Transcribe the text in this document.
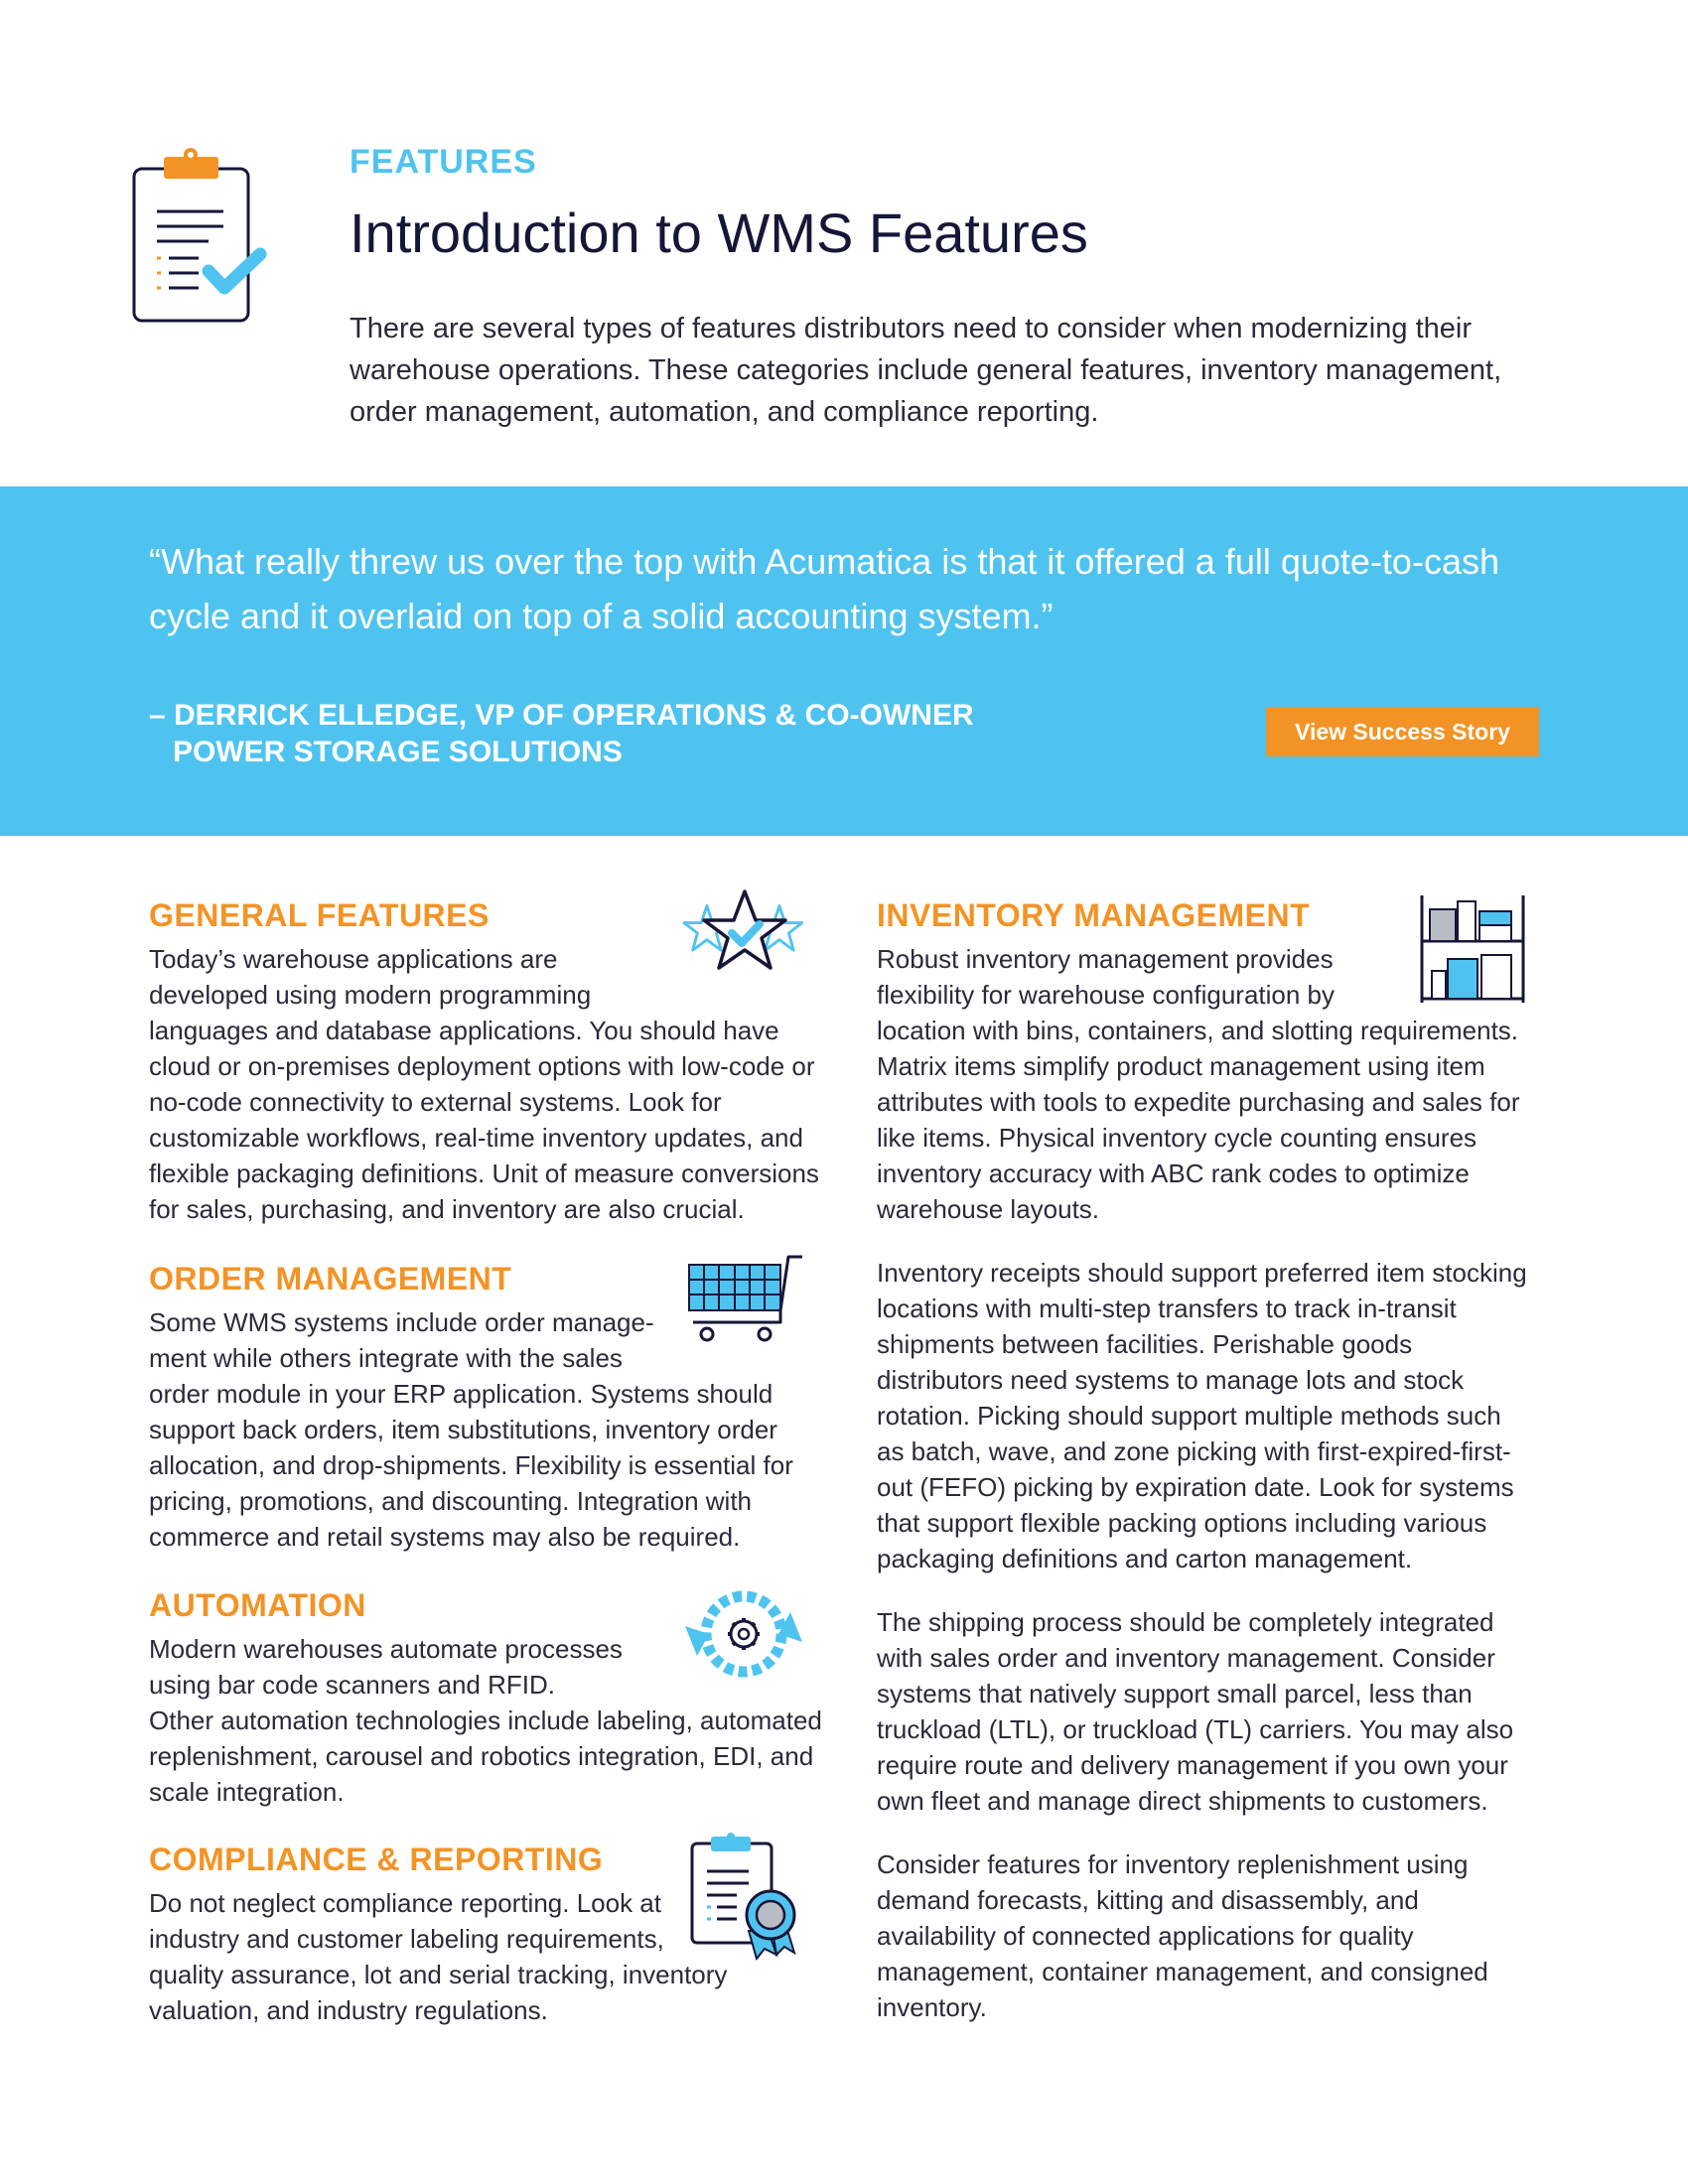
FEATURES
Introduction to WMS Features

There are several types of features distributors need to consider when modernizing their warehouse operations. These categories include general features, inventory management, order management, automation, and compliance reporting.

“What really threw us over the top with Acumatica is that it offered a full quote-to-cash cycle and it overlaid on top of a solid accounting system.”

– DERRICK ELLEDGE, VP OF OPERATIONS & CO-OWNER
POWER STORAGE SOLUTIONS
View Success Story
GENERAL FEATURES

Today’s warehouse applications are developed using modern programming languages and database applications. You should have cloud or on-premises deployment options with low-code or no-code connectivity to external systems. Look for customizable workflows, real-time inventory updates, and flexible packaging definitions. Unit of measure conversions for sales, purchasing, and inventory are also crucial.

ORDER MANAGEMENT

Some WMS systems include order manage-ment while others integrate with the sales order module in your ERP application. Systems should support back orders, item substitutions, inventory order allocation, and drop-shipments. Flexibility is essential for pricing, promotions, and discounting. Integration with commerce and retail systems may also be required.

AUTOMATION

Modern warehouses automate processes using bar code scanners and RFID. Other automation technologies include labeling, automated replenishment, carousel and robotics integration, EDI, and scale integration.

COMPLIANCE & REPORTING

Do not neglect compliance reporting. Look at industry and customer labeling requirements, quality assurance, lot and serial tracking, inventory valuation, and industry regulations.

INVENTORY MANAGEMENT

Robust inventory management provides flexibility for warehouse configuration by location with bins, containers, and slotting requirements. Matrix items simplify product management using item attributes with tools to expedite purchasing and sales for like items. Physical inventory cycle counting ensures inventory accuracy with ABC rank codes to optimize warehouse layouts.

Inventory receipts should support preferred item stocking locations with multi-step transfers to track in-transit shipments between facilities. Perishable goods distributors need systems to manage lots and stock rotation. Picking should support multiple methods such as batch, wave, and zone picking with first-expired-first-out (FEFO) picking by expiration date. Look for systems that support flexible packing options including various packaging definitions and carton management.

The shipping process should be completely integrated with sales order and inventory management. Consider systems that natively support small parcel, less than truckload (LTL), or truckload (TL) carriers. You may also require route and delivery management if you own your own fleet and manage direct shipments to customers.

Consider features for inventory replenishment using demand forecasts, kitting and disassembly, and availability of connected applications for quality management, container management, and consigned inventory.
